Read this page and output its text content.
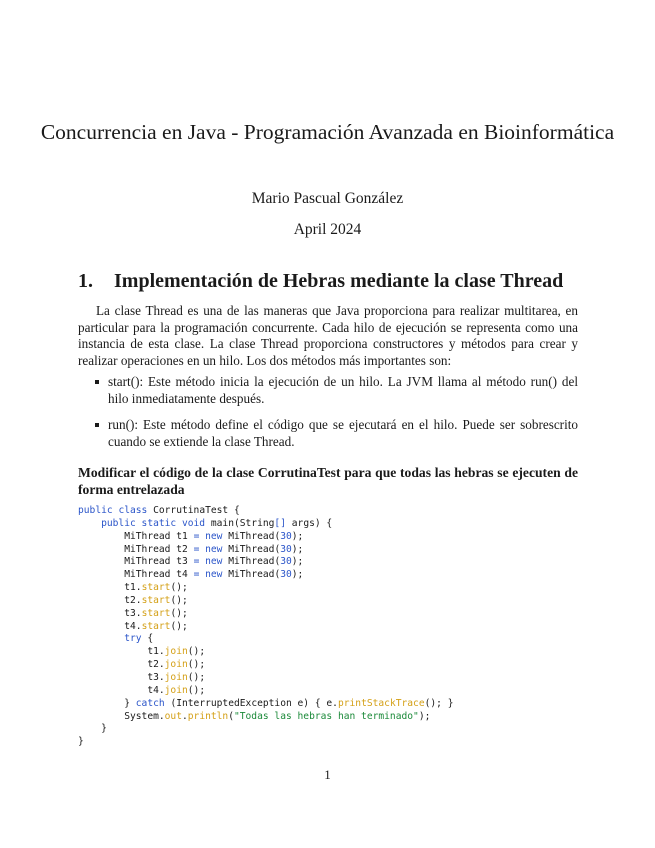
Concurrencia en Java - Programación Avanzada en Bioinformática
Mario Pascual González
April 2024
1. Implementación de Hebras mediante la clase Thread
La clase Thread es una de las maneras que Java proporciona para realizar multitarea, en particular para la programación concurrente. Cada hilo de ejecución se representa como una instancia de esta clase. La clase Thread proporciona constructores y métodos para crear y realizar operaciones en un hilo. Los dos métodos más importantes son:
start(): Este método inicia la ejecución de un hilo. La JVM llama al método run() del hilo inmediatamente después.
run(): Este método define el código que se ejecutará en el hilo. Puede ser sobrescrito cuando se extiende la clase Thread.
Modificar el código de la clase CorrutinaTest para que todas las hebras se ejecuten de forma entrelazada
public class CorrutinaTest {
public static void main(String[] args) {
MiThread t1 = new MiThread(30);
MiThread t2 = new MiThread(30);
MiThread t3 = new MiThread(30);
MiThread t4 = new MiThread(30);
t1.start();
t2.start();
t3.start();
t4.start();
try {
t1.join();
t2.join();
t3.join();
t4.join();
} catch (InterruptedException e) { e.printStackTrace(); }
System.out.println("Todas las hebras han terminado");
}
}
1
